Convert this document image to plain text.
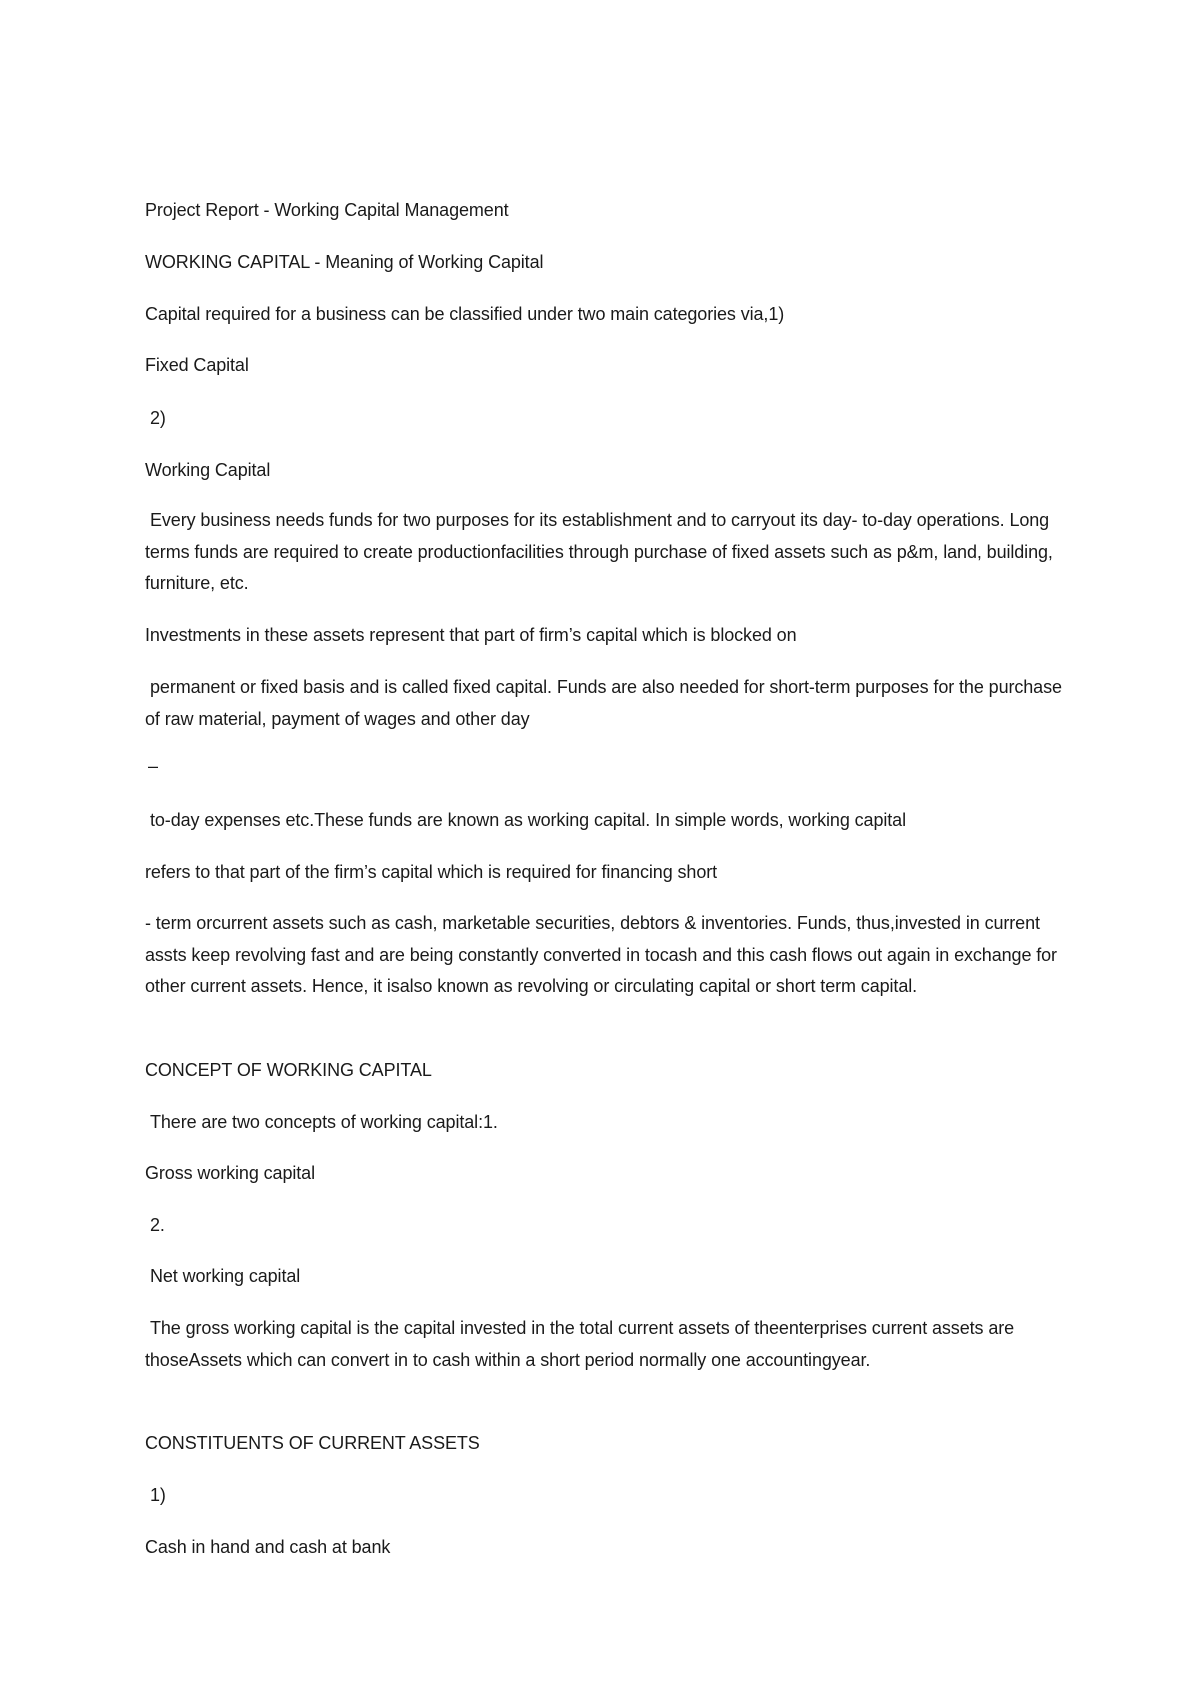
Project Report - Working Capital Management

WORKING CAPITAL - Meaning of Working Capital

Capital required for a business can be classified under two main categories via,1)

Fixed Capital

2)

Working Capital

Every business needs funds for two purposes for its establishment and to carryout its day- to-day operations. Long terms funds are required to create productionfacilities through purchase of fixed assets such as p&m, land, building, furniture, etc.

Investments in these assets represent that part of firm’s capital which is blocked on

permanent or fixed basis and is called fixed capital. Funds are also needed for short-term purposes for the purchase of raw material, payment of wages and other day

–

to-day expenses etc.These funds are known as working capital. In simple words, working capital

refers to that part of the firm’s capital which is required for financing short

- term orcurrent assets such as cash, marketable securities, debtors & inventories. Funds, thus,invested in current assts keep revolving fast and are being constantly converted in tocash and this cash flows out again in exchange for other current assets. Hence, it isalso known as revolving or circulating capital or short term capital.

CONCEPT OF WORKING CAPITAL

There are two concepts of working capital:1.

Gross working capital

2.

Net working capital

The gross working capital is the capital invested in the total current assets of theenterprises current assets are thoseAssets which can convert in to cash within a short period normally one accountingyear.

CONSTITUENTS OF CURRENT ASSETS

1)

Cash in hand and cash at bank
